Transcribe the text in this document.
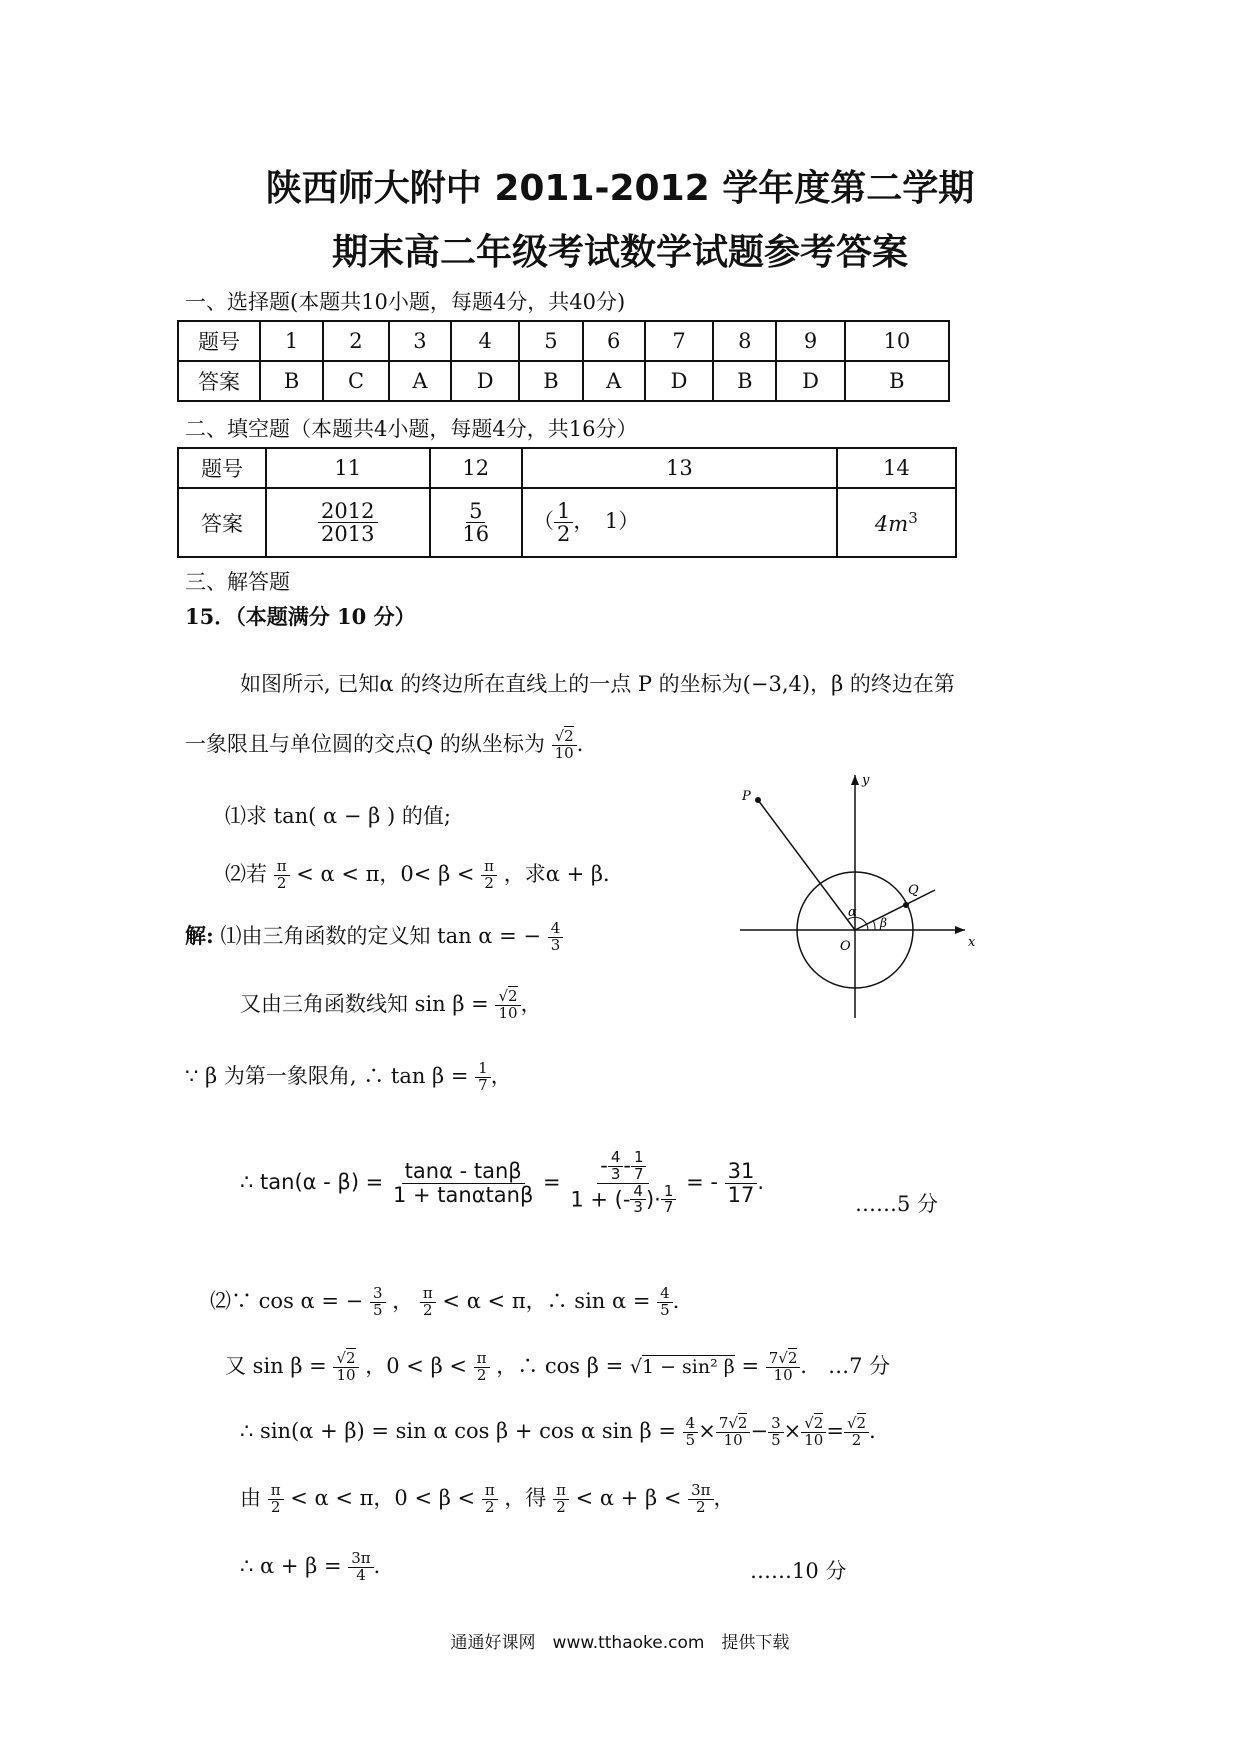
陕西师大附中 2011-2012 学年度第二学期
期末高二年级考试数学试题参考答案
一、选择题(本题共10小题，每题4分，共40分)
题号	1	2	3	4	5	6	7	8	9	10
答案	B	C	A	D	B	A	D	B	D	B
二、填空题（本题共4小题，每题4分，共16分）
题号	11	12	13	14
答案	$\frac{2012}{2013}$	$\frac{5}{16}$	（ $\frac{1}{2}$ ，　1）	$4m^3$
三、解答题
15．（本题满分 10 分）
如图所示, 已知α 的终边所在直线上的一点 P 的坐标为(−3,4)，β 的终边在第
一象限且与单位圆的交点Q 的纵坐标为 $\frac{√2}{10}$ ．
⑴求 tan( α − β ) 的值;
⑵若 $\frac{\pi}{2} < \alpha < \pi$，$0< \beta < \frac{\pi}{2}$ ，求α + β．
解: ⑴由三角函数的定义知 tan α = − $\frac{4}{3}$
又由三角函数线知 $\sin \beta = \frac{√2}{10}$ ，
∵ β 为第一象限角, ∴ $\tan \beta = \frac{1}{7}$ ，
∴ $\tan(\alpha - \beta) = \frac{\tan\alpha - \tan\beta}{1 + \tan\alpha\tan\beta} = \frac{- \frac{4}{3} - \frac{1}{7}}{1 + (- \frac{4}{3} )\cdot \frac{1}{7}}$ = - $\frac{31}{17}$ .
……5 分
⑵∵ cos α = − $\frac{3}{5}$ ， $\frac{\pi}{2} < \alpha < \pi$，∴ $\sin \alpha = \frac{4}{5}$ ．
又 $\sin \beta = \frac{√2}{10}$ ，$0 < \beta < \frac{\pi}{2}$ ，∴ cos β = √1 − sin² $\beta = \frac{7√2}{10}$ ． …7 分
∴ sin(α + β) = sin α cos β + cos α $\sin \beta = \frac{4}{5} \times \frac{7√2}{10} - \frac{3}{5} \times \frac{√2}{10} = \frac{√2}{2}$ ．
由 $\frac{\pi}{2} < \alpha < \pi$，$0 < \beta < \frac{\pi}{2}$ ，得 $\frac{\pi}{2} < \alpha + \beta < \frac{3\pi}{2}$ ，
∴ $\alpha + \beta = \frac{3\pi}{4}$ ．	……10 分
P
y
Q
α
β
O	x
通通好课网　www.tthaoke.com　提供下载
